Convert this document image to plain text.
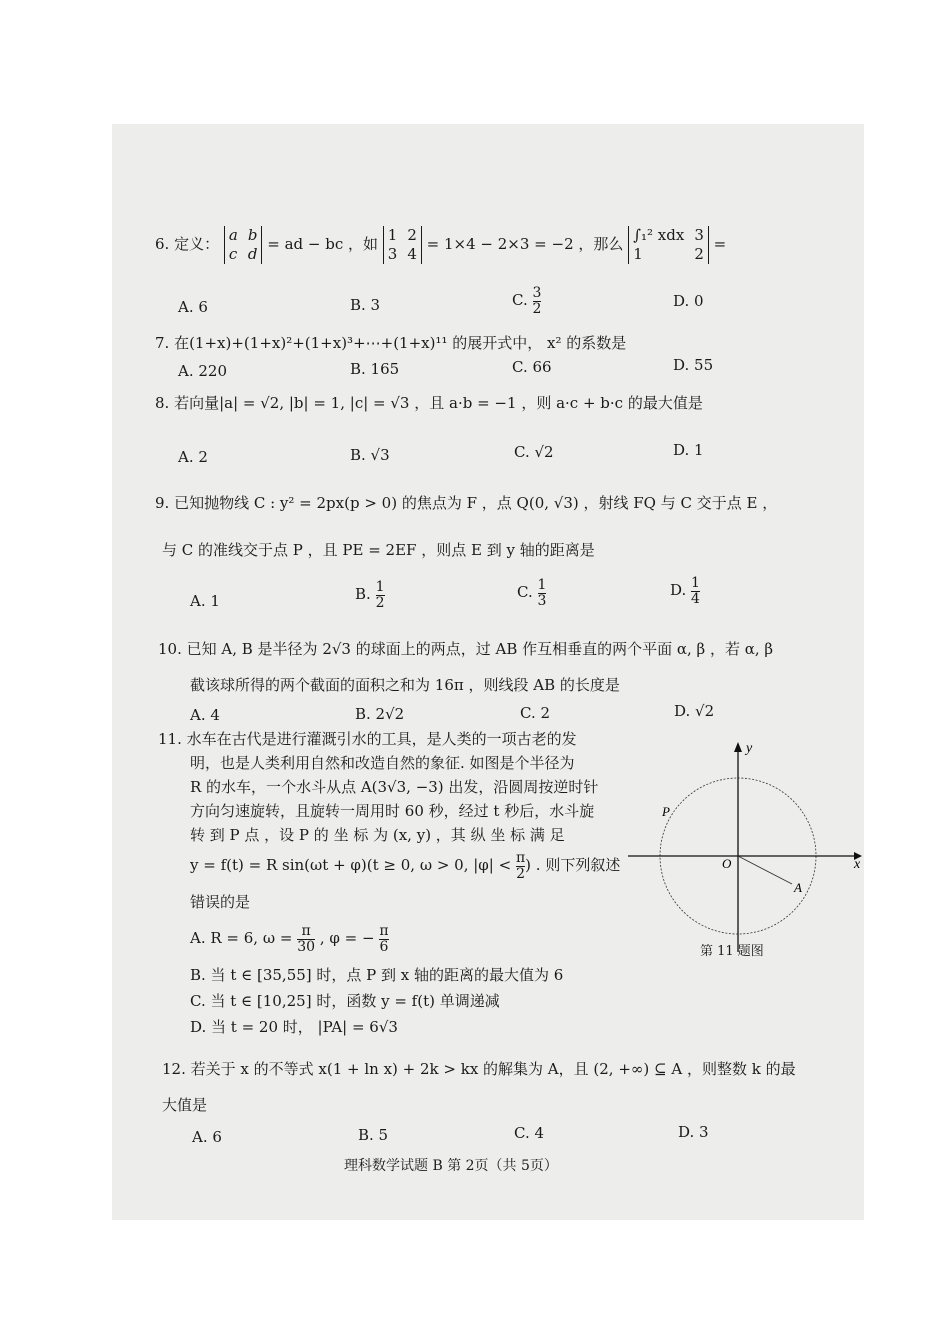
6. 定义： a b
c d
= ad − bc ，如 1 2
3 4
= 1×4 − 2×3 = −2 ，那么 ∫₁² xdx 3
1	2
=
A. 6	B. 3	C. $\frac{3}{2}$	D. 0
7. 在(1+x)+(1+x)²+(1+x)³+⋯+(1+x)¹¹ 的展开式中， x² 的系数是
A. 220	B. 165	C. 66	D. 55
8. 若向量|a| = √2, |b| = 1, |c| = √3 ，且 a·b = −1 ，则 a·c + b·c 的最大值是
A. 2	B. √3	C. √2	D. 1
9. 已知抛物线 C : y² = 2px(p > 0) 的焦点为 F ，点 Q(0, √3) ，射线 FQ 与 C 交于点 E ，
与 C 的准线交于点 P ，且 PE = 2EF ，则点 E 到 y 轴的距离是
A. 1	B. $\frac{1}{2}$	C. $\frac{1}{3}$	D. $\frac{1}{4}$
10. 已知 A, B 是半径为 2√3 的球面上的两点，过 AB 作互相垂直的两个平面 α, β ，若 α, β
截该球所得的两个截面的面积之和为 16π ，则线段 AB 的长度是
A. 4	B. 2√2	C. 2	D. √2
11. 水车在古代是进行灌溉引水的工具，是人类的一项古老的发
明，也是人类利用自然和改造自然的象征. 如图是个半径为
R 的水车，一个水斗从点 A(3√3, −3) 出发，沿圆周按逆时针
方向匀速旋转，且旋转一周用时 60 秒，经过 t 秒后，水斗旋
转 到 P 点 ，设 P 的 坐 标 为 (x, y) ，其 纵 坐 标 满 足
y = f(t) = R sin(ωt + φ)(t ≥ 0, ω > 0, $|\varphi| < \frac{\pi}{2}$ ) . 则下列叙述
错误的是
A. R = 6, $\omega = \frac{\pi}{30}$ , φ = − $\frac{\pi}{6}$
B. 当 t ∈ [35,55] 时，点 P 到 x 轴的距离的最大值为 6
C. 当 t ∈ [10,25] 时，函数 y = f(t) 单调递减
D. 当 t = 20 时， |PA| = 6√3
y
x
O
P
A
第 11 题图
12. 若关于 x 的不等式 x(1 + ln x) + 2k > kx 的解集为 A，且 (2, +∞) ⊆ A ，则整数 k 的最
大值是
A. 6	B. 5	C. 4	D. 3
理科数学试题 B 第 2页（共 5页）
